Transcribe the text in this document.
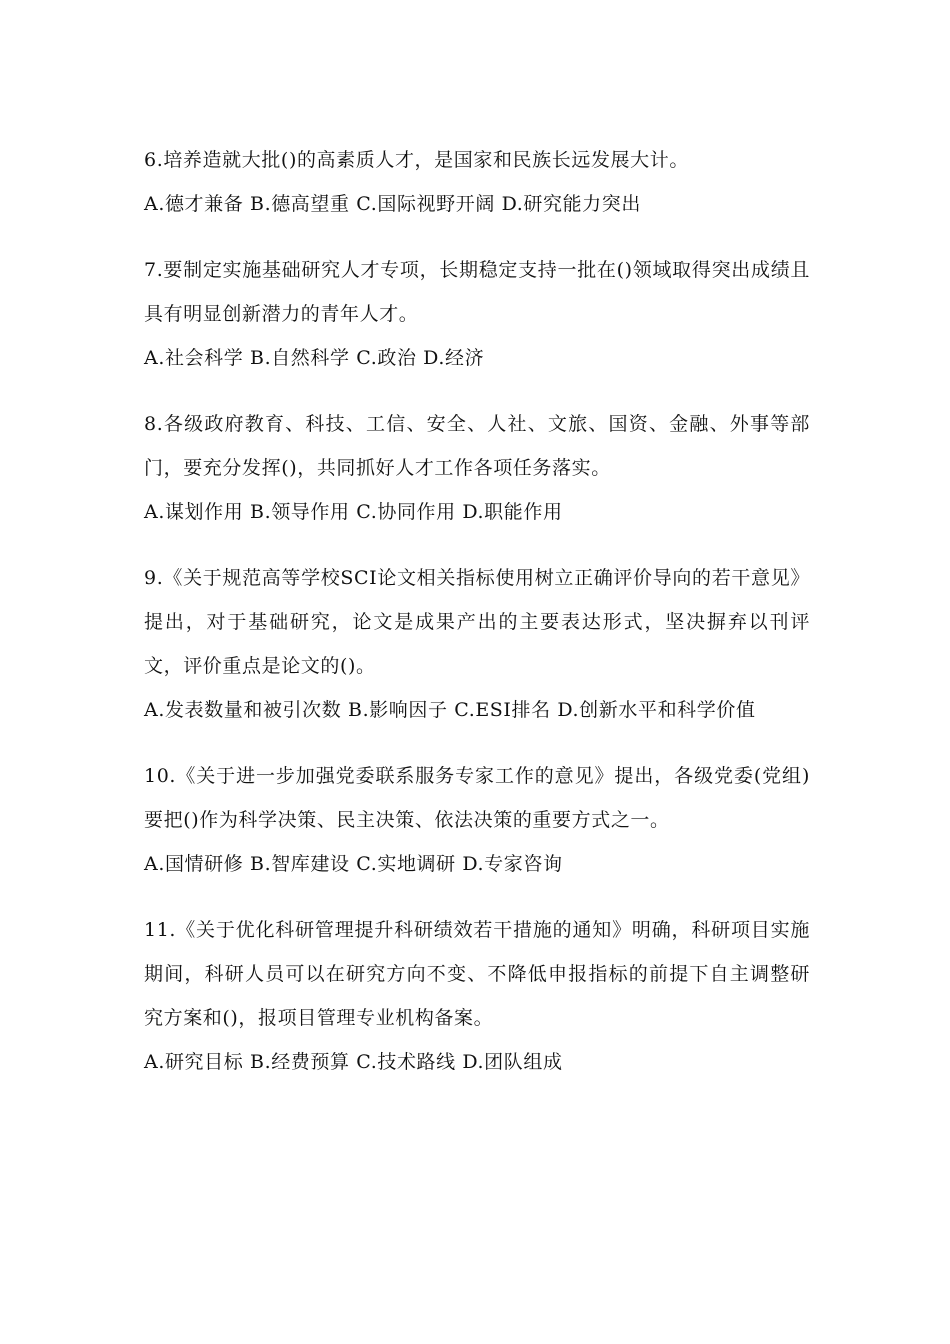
6.培养造就大批()的高素质人才，是国家和民族长远发展大计。

A.德才兼备 B.德高望重 C.国际视野开阔 D.研究能力突出

7.要制定实施基础研究人才专项，长期稳定支持一批在()领域取得突出成绩且具有明显创新潜力的青年人才。

A.社会科学 B.自然科学 C.政治 D.经济

8.各级政府教育、科技、工信、安全、人社、文旅、国资、金融、外事等部门，要充分发挥()，共同抓好人才工作各项任务落实。

A.谋划作用 B.领导作用 C.协同作用 D.职能作用

9.《关于规范高等学校SCI论文相关指标使用树立正确评价导向的若干意见》提出，对于基础研究，论文是成果产出的主要表达形式，坚决摒弃以刊评文，评价重点是论文的()。

A.发表数量和被引次数 B.影响因子 C.ESI排名 D.创新水平和科学价值

10.《关于进一步加强党委联系服务专家工作的意见》提出，各级党委(党组)要把()作为科学决策、民主决策、依法决策的重要方式之一。

A.国情研修 B.智库建设 C.实地调研 D.专家咨询

11.《关于优化科研管理提升科研绩效若干措施的通知》明确，科研项目实施期间，科研人员可以在研究方向不变、不降低申报指标的前提下自主调整研究方案和()，报项目管理专业机构备案。

A.研究目标 B.经费预算 C.技术路线 D.团队组成
